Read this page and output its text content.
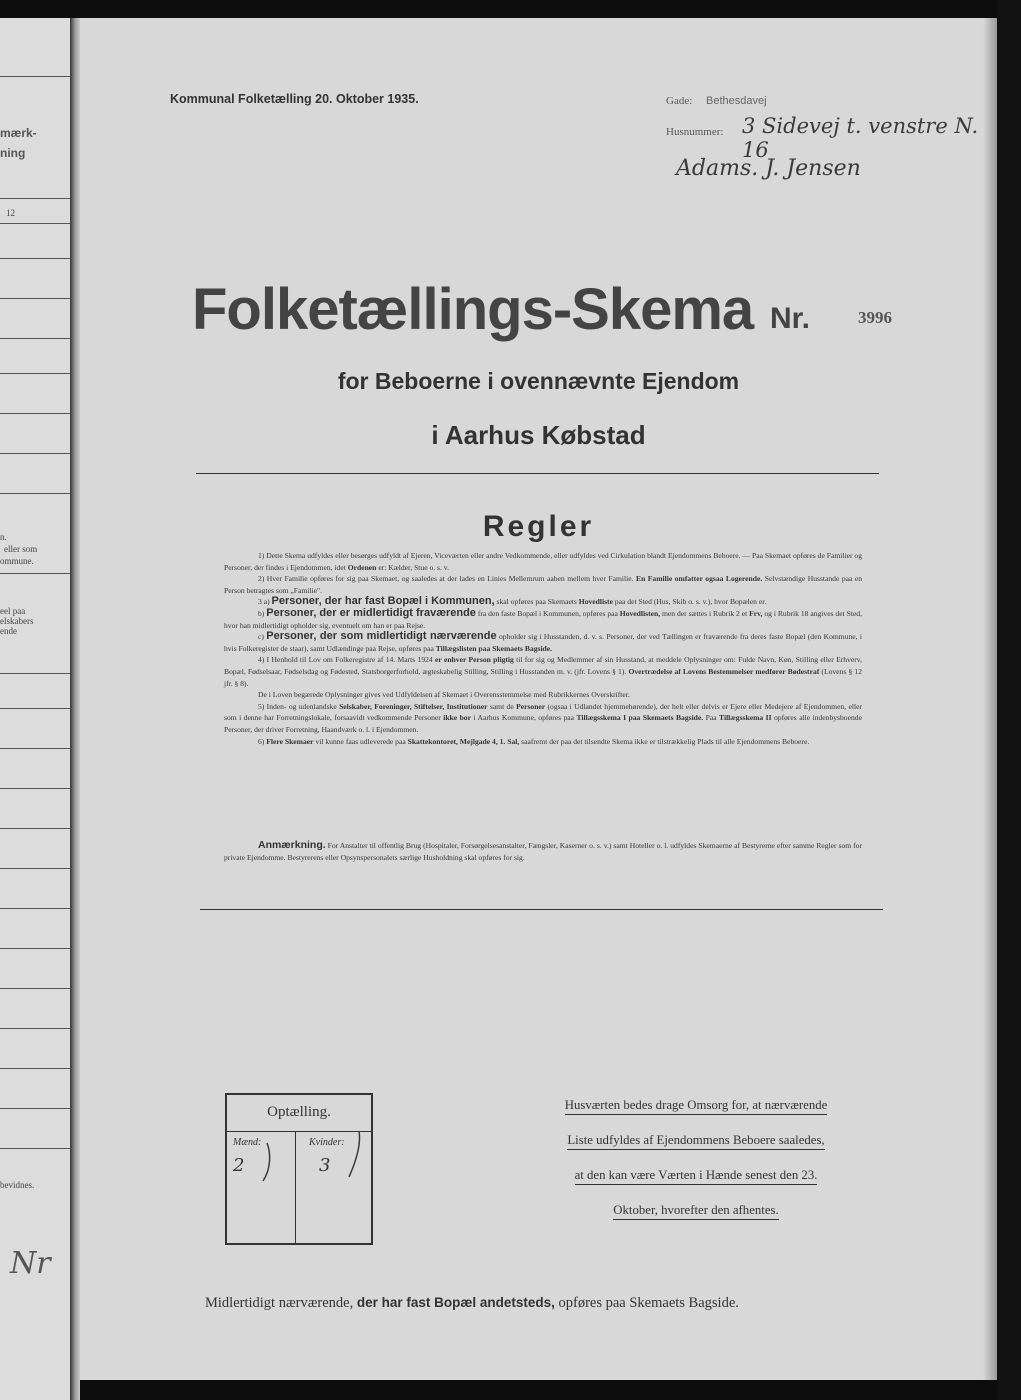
mærk-
ning
12
n.
eller som
ommune.
eel paa
elskabers
ende
bevidnes.
Nr
Kommunal Folketælling 20. Oktober 1935.	Gade: Bethesdavej
Husnummer: 3 Sidevej t. venstre N. 16
Adams. J. Jensen
Folketællings-Skema Nr.	3996
for Beboerne i ovennævnte Ejendom
i Aarhus Købstad
Regler

1) Dette Skema udfyldes eller besørges udfyldt af Ejeren, Viceværten eller andre Vedkommende, eller udfyldes ved Cirkulation blandt Ejendommens Beboere. — Paa Skemaet opføres de Familier og Personer, der findes i Ejendommen, idet Ordenen er: Kælder, Stue o. s. v.

2) Hver Familie opføres for sig paa Skemaet, og saaledes at der lades en Linies Mellemrum aaben mellem hver Familie. En Familie omfatter ogsaa Logerende. Selvstændige Husstande paa en Person betragtes som „Familie".

3 a) Personer, der har fast Bopæl i Kommunen, skal opføres paa Skemaets Hovedliste paa det Sted (Hus, Skib o. s. v.), hvor Bopælen er.

b) Personer, der er midlertidigt fraværende fra den faste Bopæl i Kommunen, opføres paa Hovedlisten, men der sættes i Rubrik 2 et Frv, og i Rubrik 18 angives det Sted, hvor han midlertidigt opholder sig, eventuelt om han er paa Rejse.

c) Personer, der som midlertidigt nærværende opholder sig i Husstanden, d. v. s. Personer, der ved Tællingen er fraværende fra deres faste Bopæl (den Kommune, i hvis Folkeregister de staar), samt Udlændinge paa Rejse, opføres paa Tillægslisten paa Skemaets Bagside.

4) I Henhold til Lov om Folkeregistre af 14. Marts 1924 er enhver Person pligtig til for sig og Medlemmer af sin Husstand, at meddele Oplysninger om: Fulde Navn, Køn, Stilling eller Erhverv, Bopæl, Fødselsaar, Fødselsdag og Fødested, Statsborgerforhold, ægteskabelig Stilling, Stilling i Husstanden m. v. (jfr. Lovens § 1). Overtrædelse af Lovens Bestemmelser medfører Bødestraf (Lovens § 12 jfr. § 8).

De i Loven begærede Oplysninger gives ved Udfyldelsen af Skemaet i Overensstemmelse med Rubrikkernes Overskrifter.

5) Inden- og udenlandske Selskaber, Foreninger, Stiftelser, Institutioner samt de Personer (ogsaa i Udlandet hjemmehørende), der helt eller delvis er Ejere eller Medejere af Ejendommen, eller som i denne har Forretningslokale, forsaavidt vedkommende Personer ikke bor i Aarhus Kommune, opføres paa Tillægsskema I paa Skemaets Bagside. Paa Tillægsskema II opføres alle indenbysboende Personer, der driver Forretning, Haandværk o. l. i Ejendommen.

6) Flere Skemaer vil kunne faas udleverede paa Skattekontoret, Mejlgade 4, 1. Sal, saafremt der paa det tilsendte Skema ikke er tilstrækkelig Plads til alle Ejendommens Beboere.

Anmærkning. For Anstalter til offentlig Brug (Hospitaler, Forsørgelsesanstalter, Fængsler, Kaserner o. s. v.) samt Hoteller o. l. udfyldes Skemaerne af Bestyrerne efter samme Regler som for private Ejendomme. Bestyrerens eller Opsynspersonalets særlige Husholdning skal opføres for sig.
Optælling.
Mænd:	Kvinder:
2	3
Husværten bedes drage Omsorg for, at nærværende
Liste udfyldes af Ejendommens Beboere saaledes,
at den kan være Værten i Hænde senest den 23.
Oktober, hvorefter den afhentes.
Midlertidigt nærværende, der har fast Bopæl andetsteds, opføres paa Skemaets Bagside.
